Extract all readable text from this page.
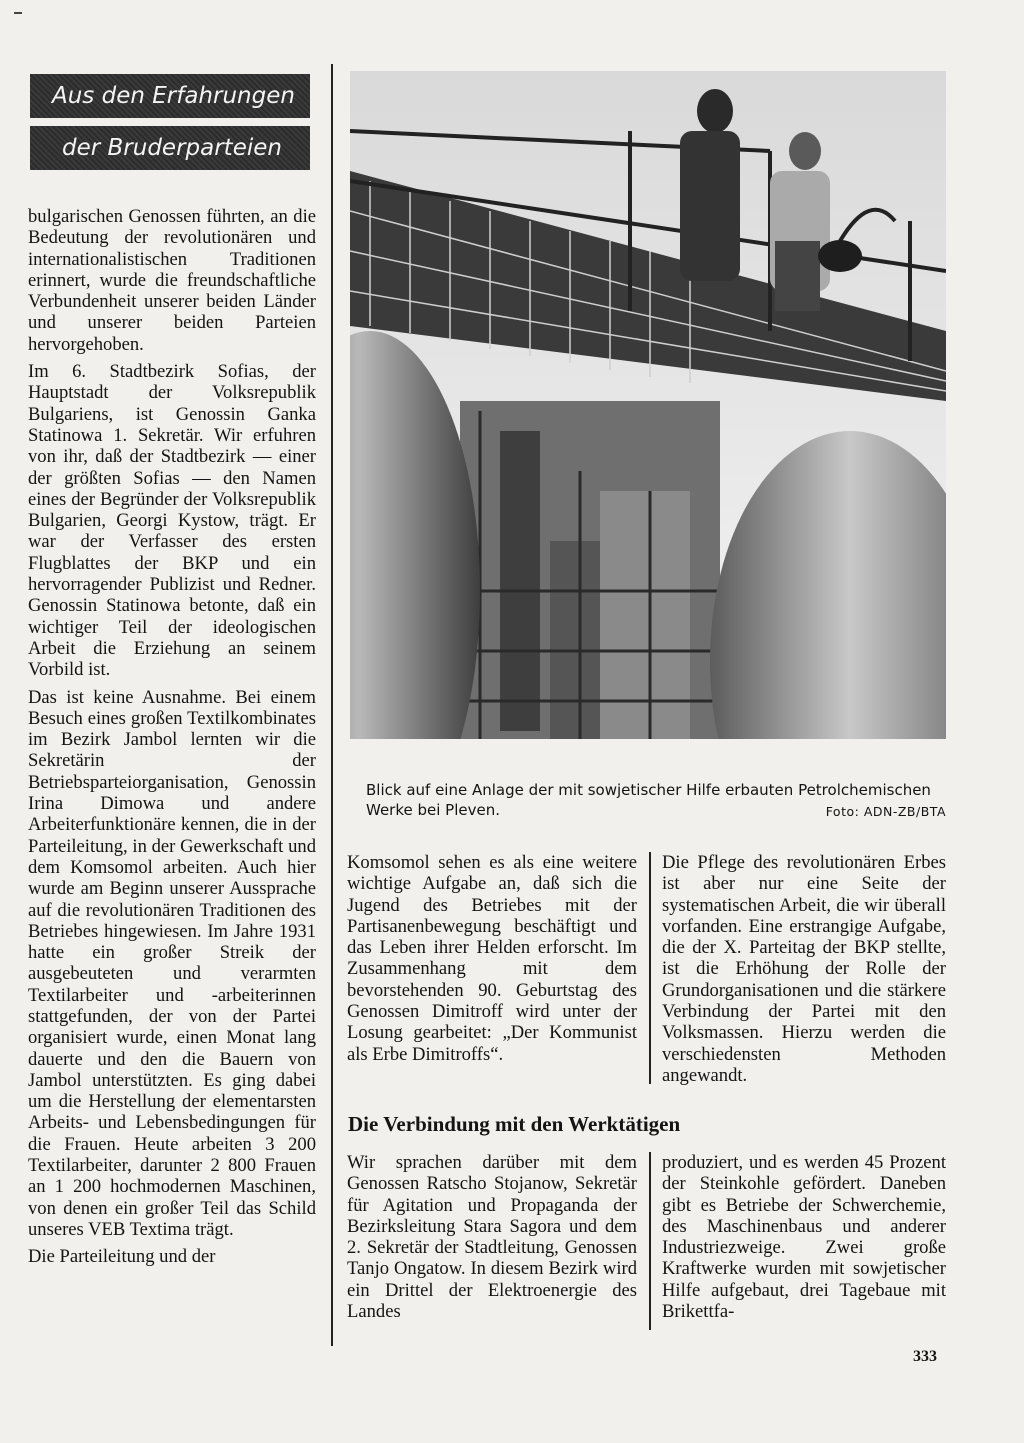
Aus den Erfahrungen
der Bruderparteien

bulgarischen Genossen führten, an die Bedeutung der revolutionären und internationalistischen Traditionen erinnert, wurde die freundschaftliche Verbundenheit unserer beiden Länder und unserer beiden Parteien hervorgehoben.

Im 6. Stadtbezirk Sofias, der Hauptstadt der Volksrepublik Bulgariens, ist Genossin Ganka Statinowa 1. Sekretär. Wir erfuhren von ihr, daß der Stadtbezirk — einer der größten Sofias — den Namen eines der Begründer der Volksrepublik Bulgarien, Georgi Kystow, trägt. Er war der Verfasser des ersten Flugblattes der BKP und ein hervorragender Publizist und Redner. Genossin Statinowa betonte, daß ein wichtiger Teil der ideologischen Arbeit die Erziehung an seinem Vorbild ist.

Das ist keine Ausnahme. Bei einem Besuch eines großen Textilkombinates im Bezirk Jambol lernten wir die Sekretärin der Betriebsparteiorganisation, Genossin Irina Dimowa und andere Arbeiterfunktionäre kennen, die in der Parteileitung, in der Gewerkschaft und dem Komsomol arbeiten. Auch hier wurde am Beginn unserer Aussprache auf die revolutionären Traditionen des Betriebes hingewiesen. Im Jahre 1931 hatte ein großer Streik der ausgebeuteten und verarmten Textilarbeiter und -arbeiterinnen stattgefunden, der von der Partei organisiert wurde, einen Monat lang dauerte und den die Bauern von Jambol unterstützten. Es ging dabei um die Herstellung der elementarsten Arbeits- und Lebensbedingungen für die Frauen. Heute arbeiten 3 200 Textilarbeiter, darunter 2 800 Frauen an 1 200 hochmodernen Maschinen, von denen ein großer Teil das Schild unseres VEB Textima trägt.

Die Parteileitung und der

Blick auf eine Anlage der mit sowjetischer Hilfe erbauten Petrolchemischen Werke bei Pleven.	Foto: ADN-ZB/BTA

Komsomol sehen es als eine weitere wichtige Aufgabe an, daß sich die Jugend des Betriebes mit der Partisanenbewegung beschäftigt und das Leben ihrer Helden erforscht. Im Zusammenhang mit dem bevorstehenden 90. Geburtstag des Genossen Dimitroff wird unter der Losung gearbeitet: „Der Kommunist als Erbe Dimitroffs“.

Die Pflege des revolutionären Erbes ist aber nur eine Seite der systematischen Arbeit, die wir überall vorfanden. Eine erstrangige Aufgabe, die der X. Parteitag der BKP stellte, ist die Erhöhung der Rolle der Grundorganisationen und die stärkere Verbindung der Partei mit den Volksmassen. Hierzu werden die verschiedensten Methoden angewandt.

Die Verbindung mit den Werktätigen

Wir sprachen darüber mit dem Genossen Ratscho Stojanow, Sekretär für Agitation und Propaganda der Bezirksleitung Stara Sagora und dem 2. Sekretär der Stadtleitung, Genossen Tanjo Ongatow. In diesem Bezirk wird ein Drittel der Elektroenergie des Landes

produziert, und es werden 45 Prozent der Steinkohle gefördert. Daneben gibt es Betriebe der Schwerchemie, des Maschinenbaus und anderer Industriezweige. Zwei große Kraftwerke wurden mit sowjetischer Hilfe aufgebaut, drei Tagebaue mit Brikettfa-

333
